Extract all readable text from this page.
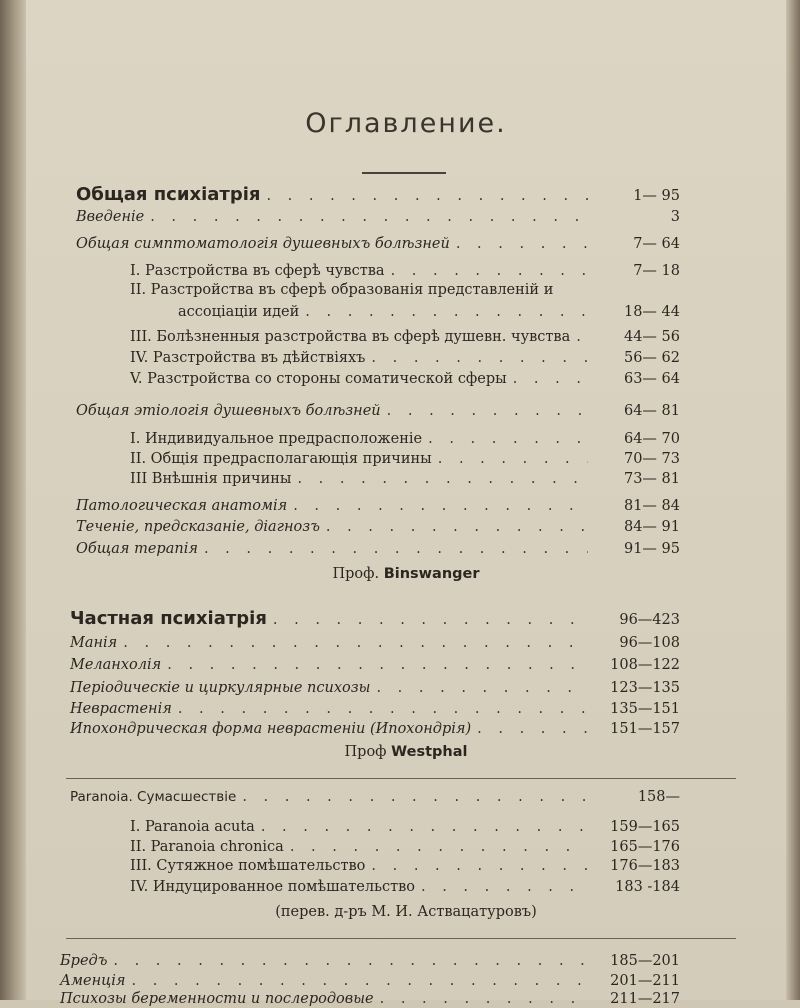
Оглавление.
Общая психіатрія . . .	1— 95
Введеніе . . .	3
Общая симптоматологія душевныхъ болѣзней . . .	7— 64
I. Разстройства въ сферѣ чувства . . .	7— 18
II. Разстройства въ сферѣ образованія представленій и
ассоціаціи идей . . .	18— 44
III. Болѣзненныя разстройства въ сферѣ душевн. чувства . . .	44— 56
IV. Разстройства въ дѣйствіяхъ . . .	56— 62
V. Разстройства со стороны соматической сферы . . .	63— 64
Общая этіологія душевныхъ болѣзней . . .	64— 81
I. Индивидуальное предрасположеніе . . .	64— 70
II. Общія предрасполагающія причины . . .	70— 73
III Внѣшнія причины . . .	73— 81
Патологическая анатомія . . .	81— 84
Теченіе, предсказаніе, діагнозъ . . .	84— 91
Общая терапія . . .	91— 95
Проф. Binswanger
Частная психіатрія . . .	96—423
Манія . . .	96—108
Меланхолія . . .	108—122
Періодическіе и циркулярные психозы . . .	123—135
Неврастенія . . .	135—151
Ипохондрическая форма неврастеніи (Ипохондрія) . . .	151—157
Проф Westphal
Paranoia. Сумасшествіе . . .	158—
I. Paranoia acuta . . .	159—165
II. Paranoia chronica . . .	165—176
III. Сутяжное помѣшательство . . .	176—183
IV. Индуцированное помѣшательство . . .	183 -184
(перев. д-ръ М. И. Аствацатуровъ)
Бредъ . . .	185—201
Аменція . . .	201—211
Психозы беременности и послеродовые . . .	211—217
